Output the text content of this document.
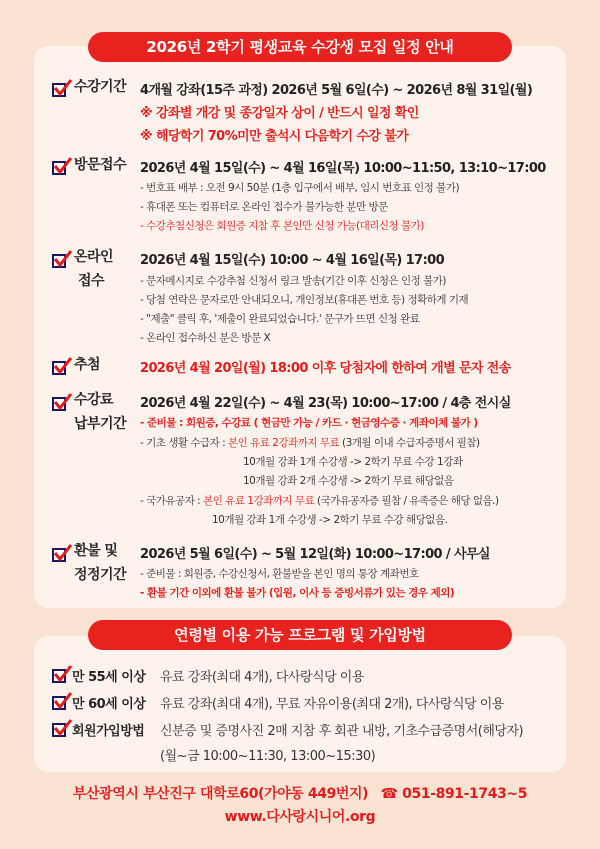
2026년 2학기 평생교육 수강생 모집 일정 안내
수강기간 4개월 강좌(15주 과정) 2026년 5월 6일(수) ~ 2026년 8월 31일(월)
※ 강좌별 개강 및 종강일자 상이 / 반드시 일정 확인
※ 해당학기 70%미만 출석시 다음학기 수강 불가
방문접수 2026년 4월 15일(수) ~ 4월 16일(목) 10:00~11:50, 13:10~17:00
- 번호표 배부 : 오전 9시 50분 (1층 입구에서 배부, 임시 번호표 인정 불가)
- 휴대폰 또는 컴퓨터로 온라인 접수가 불가능한 분만 방문
- 수강추첨신청은 회원증 지참 후 본인만 신청 가능(대리신청 불가)
온라인
접수
2026년 4월 15일(수) 10:00 ~ 4월 16일(목) 17:00
- 문자메시지로 수강추첨 신청서 링크 발송(기간 이후 신청은 인정 불가)
- 당첨 연락은 문자로만 안내되오니, 개인정보(휴대폰 번호 등) 정확하게 기재
- "제출" 클릭 후, '제출이 완료되었습니다.' 문구가 뜨면 신청 완료
- 온라인 접수하신 분은 방문 X
추첨	2026년 4월 20일(월) 18:00 이후 당첨자에 한하여 개별 문자 전송
수강료
납부기간
2026년 4월 22일(수) ~ 4월 23(목) 10:00~17:00 / 4층 전시실
- 준비물 : 회원증, 수강료 ( 현금만 가능 / 카드 · 현금영수증 · 계좌이체 불가 )
- 기초 생활 수급자 : 본인 유료 2강좌까지 무료 (3개월 이내 수급자증명서 필참)
10개월 강좌 1개 수강생 -> 2학기 무료 수강 1강좌
10개월 강좌 2개 수강생 -> 2학기 무료 해당없음
- 국가유공자 : 본인 유료 1강좌까지 무료 (국가유공자증 필참 / 유족증은 해당 없음.)
10개월 강좌 1개 수강생 -> 2학기 무료 수강 해당없음.
환불 및
정정기간
2026년 5월 6일(수) ~ 5월 12일(화) 10:00~17:00 / 사무실
- 준비물 : 회원증, 수강신청서, 환불받을 본인 명의 통장 계좌번호
- 환불 기간 이외에 환불 불가 (입원, 이사 등 증빙서류가 있는 경우 제외)
연령별 이용 가능 프로그램 및 가입방법
만 55세 이상 유료 강좌(최대 4개), 다사랑식당 이용
만 60세 이상 유료 강좌(최대 4개), 무료 자유이용(최대 2개), 다사랑식당 이용
회원가입방법 신분증 및 증명사진 2매 지참 후 회관 내방, 기초수급증명서(해당자)
(월~금 10:00~11:30, 13:00~15:30)
부산광역시 부산진구 대학로60(가야동 449번지) ☎ 051-891-1743~5
www.다사랑시니어.org
